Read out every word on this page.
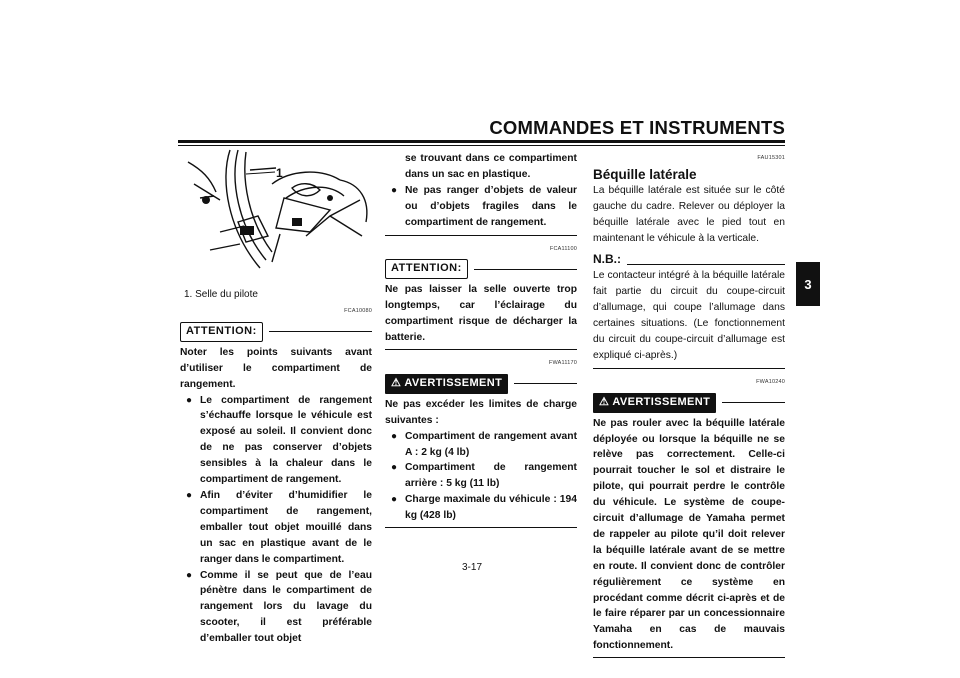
COMMANDES ET INSTRUMENTS
3
1
1. Selle du pilote
FCA10080
ATTENTION:
Noter les points suivants avant d’utiliser le compartiment de rangement.
● Le compartiment de rangement s’échauffe lorsque le véhicule est exposé au soleil. Il convient donc de ne pas conserver d’objets sensibles à la chaleur dans le compartiment de rangement.
● Afin d’éviter d’humidifier le compartiment de rangement, emballer tout objet mouillé dans un sac en plastique avant de le ranger dans le compartiment.
● Comme il se peut que de l’eau pénètre dans le compartiment de rangement lors du lavage du scooter, il est préférable d’emballer tout objet
se trouvant dans ce compartiment dans un sac en plastique.
● Ne pas ranger d’objets de valeur ou d’objets fragiles dans le compartiment de rangement.
FCA11100
ATTENTION:
Ne pas laisser la selle ouverte trop longtemps, car l’éclairage du compartiment risque de décharger la batterie.
FWA11170
⚠ AVERTISSEMENT
Ne pas excéder les limites de charge suivantes :
● Compartiment de rangement avant A : 2 kg (4 lb)
● Compartiment de rangement arrière : 5 kg (11 lb)
● Charge maximale du véhicule : 194 kg (428 lb)
FAU15301
Béquille latérale
La béquille latérale est située sur le côté gauche du cadre. Relever ou déployer la béquille latérale avec le pied tout en maintenant le véhicule à la verticale.
N.B.:
Le contacteur intégré à la béquille latérale fait partie du circuit du coupe-circuit d’allumage, qui coupe l’allumage dans certaines situations. (Le fonctionnement du circuit du coupe-circuit d’allumage est expliqué ci-après.)
FWA10240
⚠ AVERTISSEMENT
Ne pas rouler avec la béquille latérale déployée ou lorsque la béquille ne se relève pas correctement. Celle-ci pourrait toucher le sol et distraire le pilote, qui pourrait perdre le contrôle du véhicule. Le système de coupe-circuit d’allumage de Yamaha permet de rappeler au pilote qu’il doit relever la béquille latérale avant de se mettre en route. Il convient donc de contrôler régulièrement ce système en procédant comme décrit ci-après et de le faire réparer par un concessionnaire Yamaha en cas de mauvais fonctionnement.
3-17
